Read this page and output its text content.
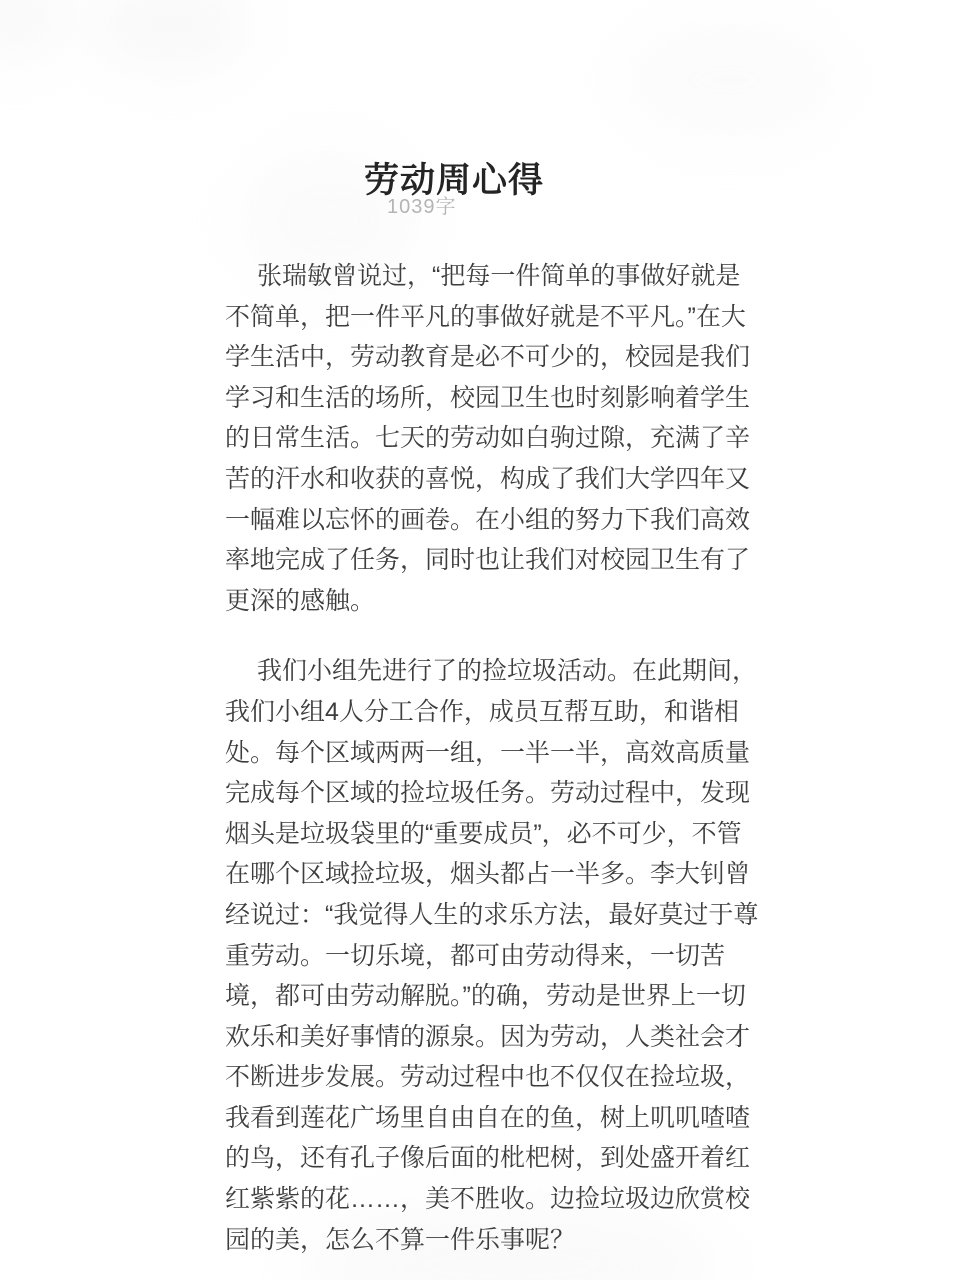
劳动周心得
1039字

张瑞敏曾说过，“把每一件简单的事做好就是不简单，把一件平凡的事做好就是不平凡。”在大学生活中，劳动教育是必不可少的，校园是我们学习和生活的场所，校园卫生也时刻影响着学生的日常生活。七天的劳动如白驹过隙，充满了辛苦的汗水和收获的喜悦，构成了我们大学四年又一幅难以忘怀的画卷。在小组的努力下我们高效率地完成了任务，同时也让我们对校园卫生有了更深的感触。

我们小组先进行了的捡垃圾活动。在此期间，我们小组4人分工合作，成员互帮互助，和谐相处。每个区域两两一组，一半一半，高效高质量完成每个区域的捡垃圾任务。劳动过程中，发现烟头是垃圾袋里的“重要成员”，必不可少，不管在哪个区域捡垃圾，烟头都占一半多。李大钊曾经说过：“我觉得人生的求乐方法，最好莫过于尊重劳动。一切乐境，都可由劳动得来，一切苦境，都可由劳动解脱。”的确，劳动是世界上一切欢乐和美好事情的源泉。因为劳动，人类社会才不断进步发展。劳动过程中也不仅仅在捡垃圾，我看到莲花广场里自由自在的鱼，树上叽叽喳喳的鸟，还有孔子像后面的枇杷树，到处盛开着红红紫紫的花……，美不胜收。边捡垃圾边欣赏校园的美，怎么不算一件乐事呢？
